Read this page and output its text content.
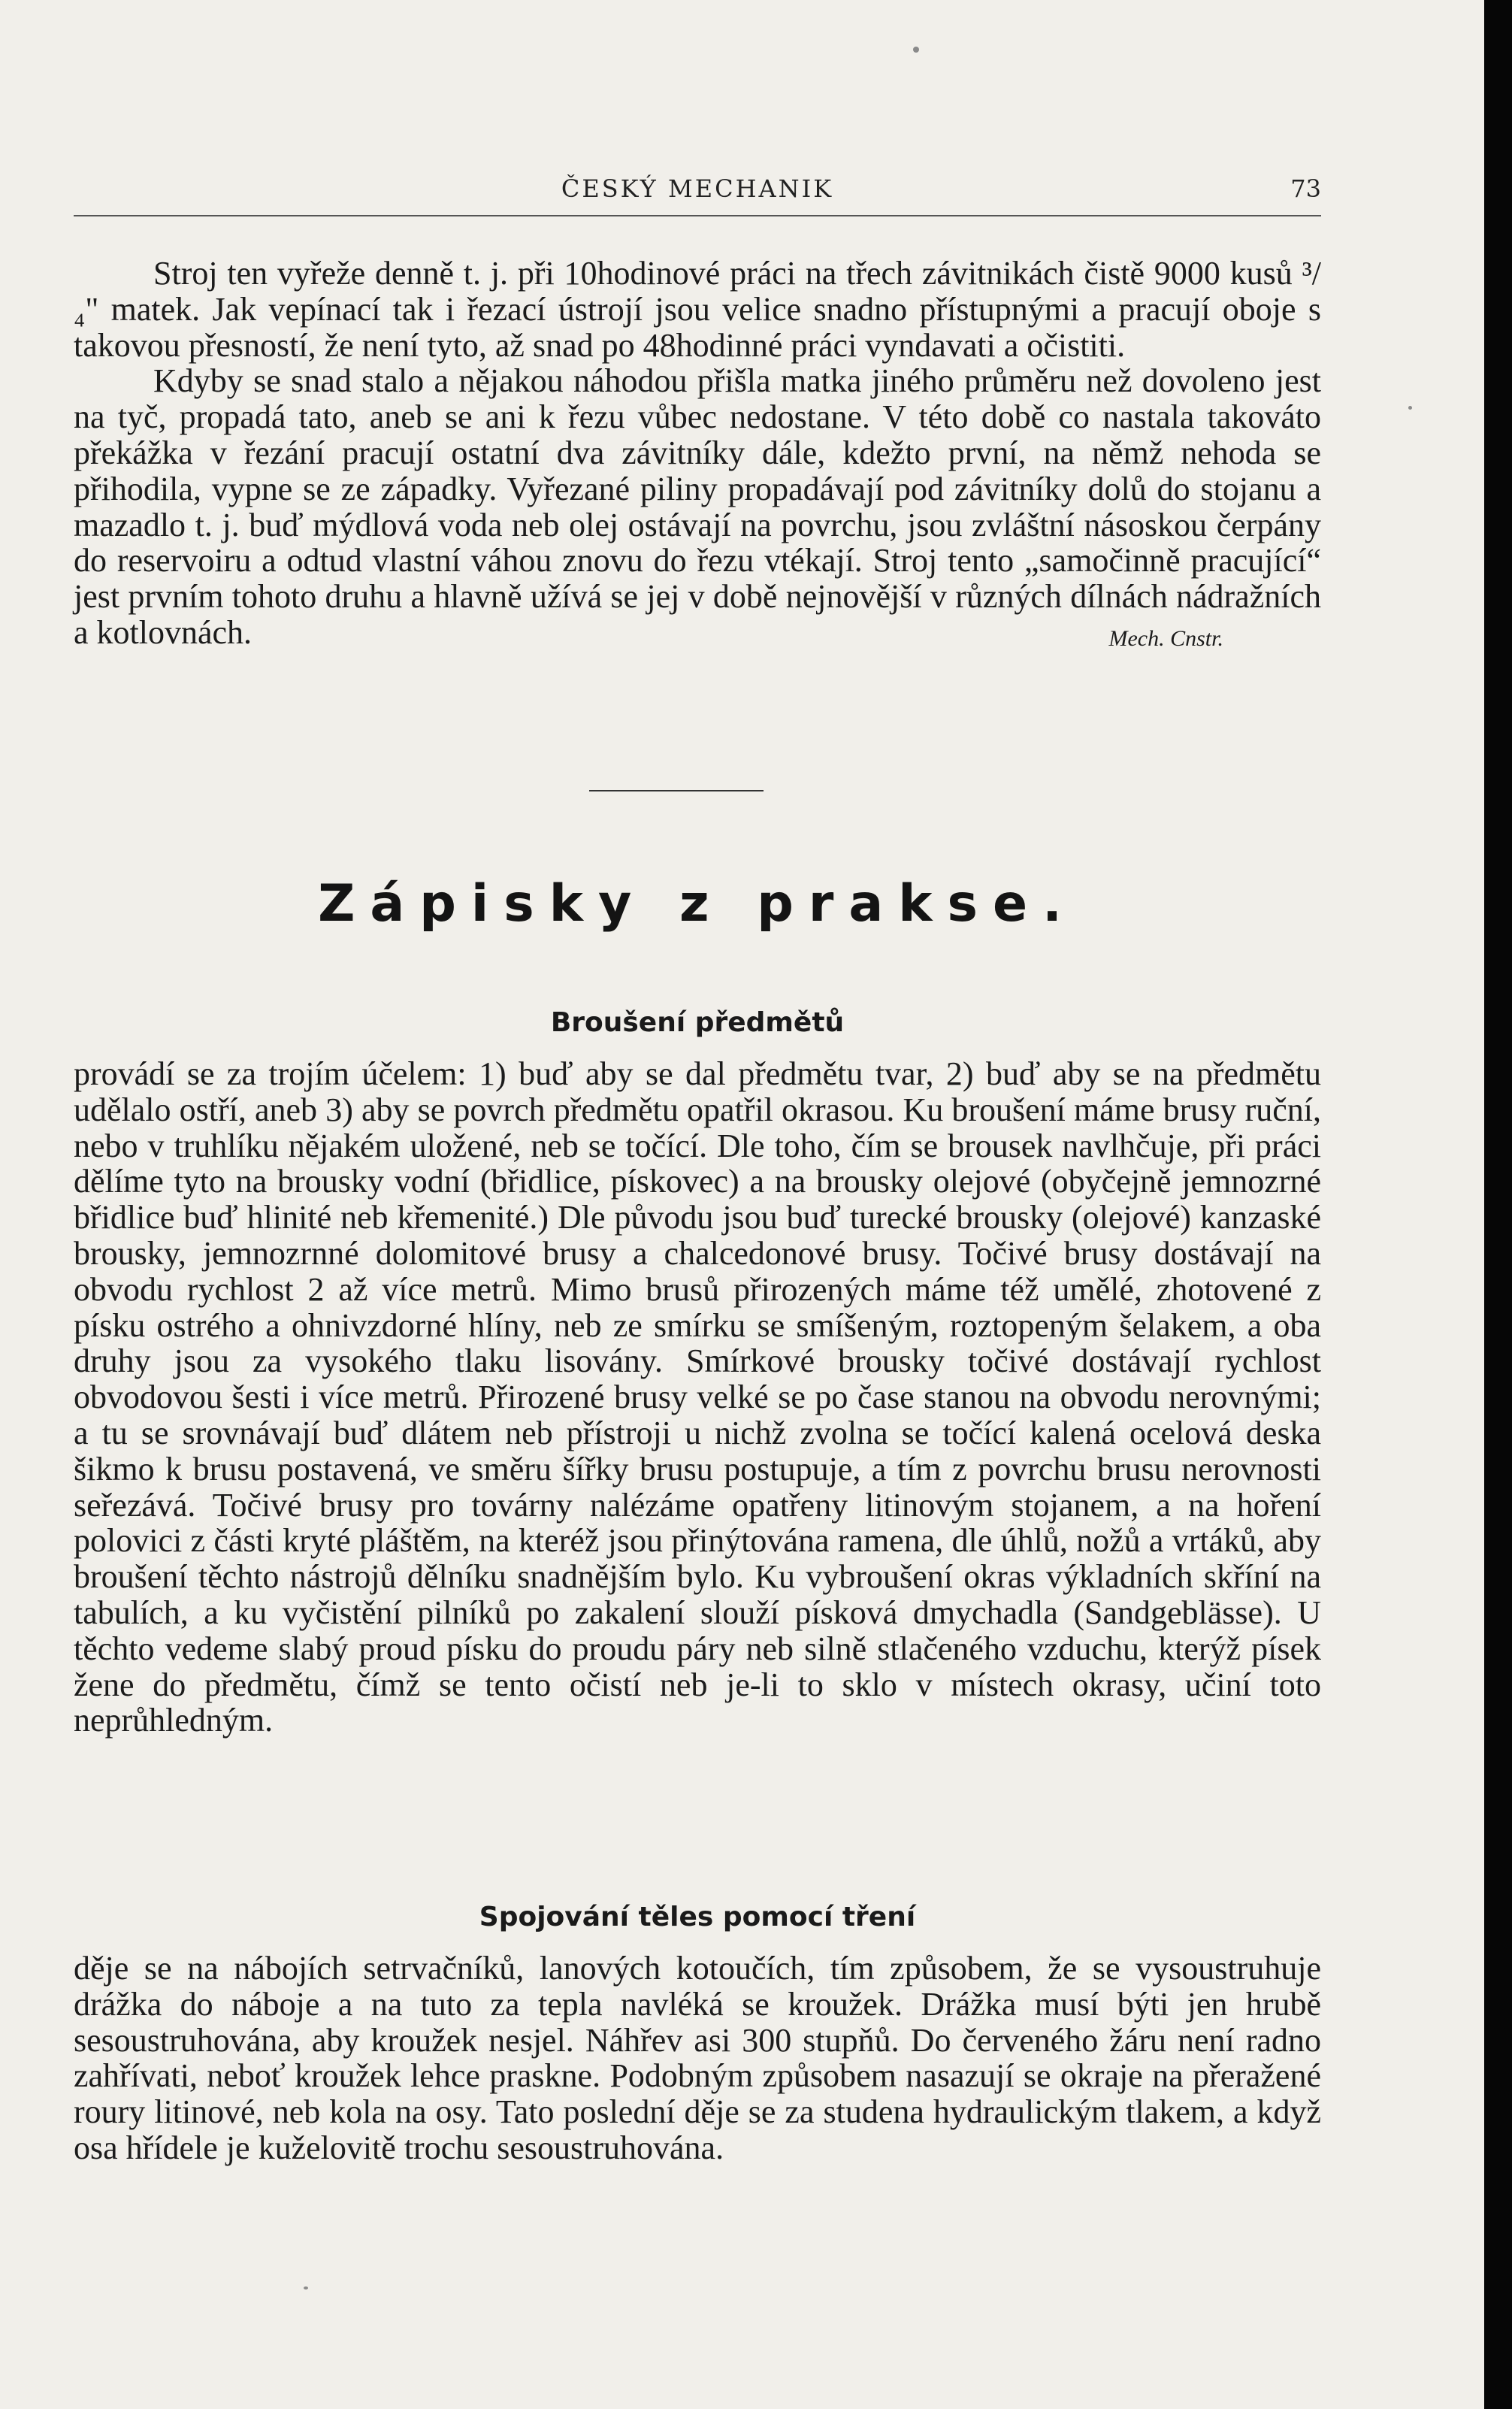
ČESKÝ MECHANIK	73

Stroj ten vyřeže denně t. j. při 10hodinové práci na třech závitnikách čistě 9000 kusů ³/₄" matek. Jak vepínací tak i řezací ústrojí jsou velice snadno přístupnými a pracují oboje s takovou přesností, že není tyto, až snad po 48hodinné práci vyndavati a očistiti.

Kdyby se snad stalo a nějakou náhodou přišla matka jiného průměru než dovoleno jest na tyč, propadá tato, aneb se ani k řezu vůbec nedostane. V této době co nastala takováto překážka v řezání pracují ostatní dva závitníky dále, kdežto první, na němž nehoda se přihodila, vypne se ze západky. Vyřezané piliny propadávají pod závitníky dolů do stojanu a mazadlo t. j. buď mýdlová voda neb olej ostávají na povrchu, jsou zvláštní násoskou čerpány do reservoiru a odtud vlastní váhou znovu do řezu vtékají. Stroj tento „samočinně pracující“ jest prvním tohoto druhu a hlavně užívá se jej v době nejnovější v různých dílnách nádražních a kotlovnách.	Mech. Cnstr.

Zápisky z prakse.
Broušení předmětů

provádí se za trojím účelem: 1) buď aby se dal předmětu tvar, 2) buď aby se na předmětu udělalo ostří, aneb 3) aby se povrch předmětu opatřil okrasou. Ku broušení máme brusy ruční, nebo v truhlíku nějakém uložené, neb se točící. Dle toho, čím se brousek navlhčuje, při práci dělíme tyto na brousky vodní (břidlice, pískovec) a na brousky olejové (obyčejně jemnozrné břidlice buď hlinité neb křemenité.) Dle původu jsou buď turecké brousky (olejové) kanzaské brousky, jemnozrnné dolomitové brusy a chalcedonové brusy. Točivé brusy dostávají na obvodu rychlost 2 až více metrů. Mimo brusů přirozených máme též umělé, zhotovené z písku ostrého a ohnivzdorné hlíny, neb ze smírku se smíšeným, roztopeným šelakem, a oba druhy jsou za vysokého tlaku lisovány. Smírkové brousky točivé dostávají rychlost obvodovou šesti i více metrů. Přirozené brusy velké se po čase stanou na obvodu nerovnými; a tu se srovnávají buď dlátem neb přístroji u nichž zvolna se točící kalená ocelová deska šikmo k brusu postavená, ve směru šířky brusu postupuje, a tím z povrchu brusu nerovnosti seřezává. Točivé brusy pro továrny nalézáme opatřeny litinovým stojanem, a na hoření polovici z části kryté pláštěm, na kteréž jsou přinýtována ramena, dle úhlů, nožů a vrtáků, aby broušení těchto nástrojů dělníku snadnějším bylo. Ku vybroušení okras výkladních skříní na tabulích, a ku vyčistění pilníků po zakalení slouží písková dmychadla (Sandgeblässe). U těchto vedeme slabý proud písku do proudu páry neb silně stlačeného vzduchu, kterýž písek žene do předmětu, čímž se tento očistí neb je-li to sklo v místech okrasy, učiní toto neprůhledným.

Spojování těles pomocí tření

děje se na nábojích setrvačníků, lanových kotoučích, tím způsobem, že se vysoustruhuje drážka do náboje a na tuto za tepla navléká se kroužek. Drážka musí býti jen hrubě sesoustruhována, aby kroužek nesjel. Náhřev asi 300 stupňů. Do červeného žáru není radno zahřívati, neboť kroužek lehce praskne. Podobným způsobem nasazují se okraje na přeražené roury litinové, neb kola na osy. Tato poslední děje se za studena hydraulickým tlakem, a když osa hřídele je kuželovitě trochu sesoustruhována.
